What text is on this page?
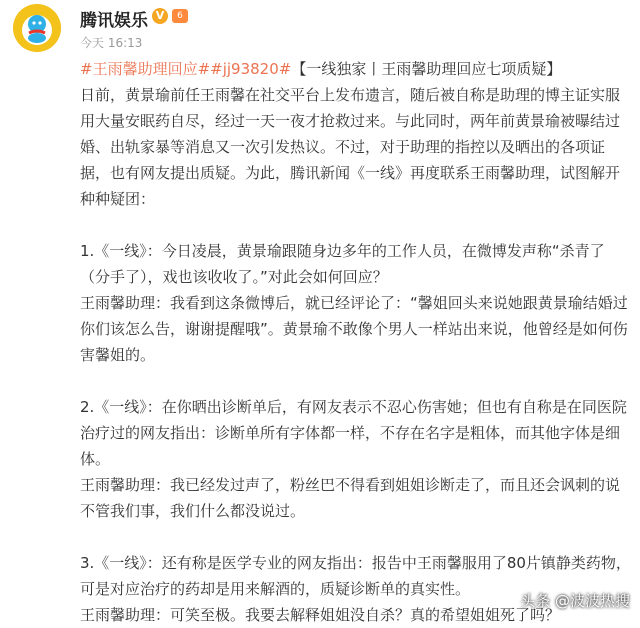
腾讯娱乐 V	6
今天 16:13

#王雨馨助理回应##jj93820#【一线独家丨王雨馨助理回应七项质疑】

日前，黄景瑜前任王雨馨在社交平台上发布遗言，随后被自称是助理的博主证实服用大量安眠药自尽，经过一天一夜才抢救过来。与此同时，两年前黄景瑜被曝结过婚、出轨家暴等消息又一次引发热议。不过，对于助理的指控以及晒出的各项证据，也有网友提出质疑。为此，腾讯新闻《一线》再度联系王雨馨助理，试图解开种种疑团：

1.《一线》：今日凌晨，黄景瑜跟随身边多年的工作人员，在微博发声称“杀青了（分手了），戏也该收收了。”对此会如何回应？

王雨馨助理：我看到这条微博后，就已经评论了：“馨姐回头来说她跟黄景瑜结婚过你们该怎么告，谢谢提醒哦”。黄景瑜不敢像个男人一样站出来说，他曾经是如何伤害馨姐的。

2.《一线》：在你晒出诊断单后，有网友表示不忍心伤害她；但也有自称是在同医院治疗过的网友指出：诊断单所有字体都一样，不存在名字是粗体，而其他字体是细体。

王雨馨助理：我已经发过声了，粉丝巴不得看到姐姐诊断走了，而且还会讽刺的说不管我们事，我们什么都没说过。

3.《一线》：还有称是医学专业的网友指出：报告中王雨馨服用了80片镇静类药物，可是对应治疗的药却是用来解酒的，质疑诊断单的真实性。

王雨馨助理：可笑至极。我要去解释姐姐没自杀？真的希望姐姐死了吗？

头条 @波波热搜
